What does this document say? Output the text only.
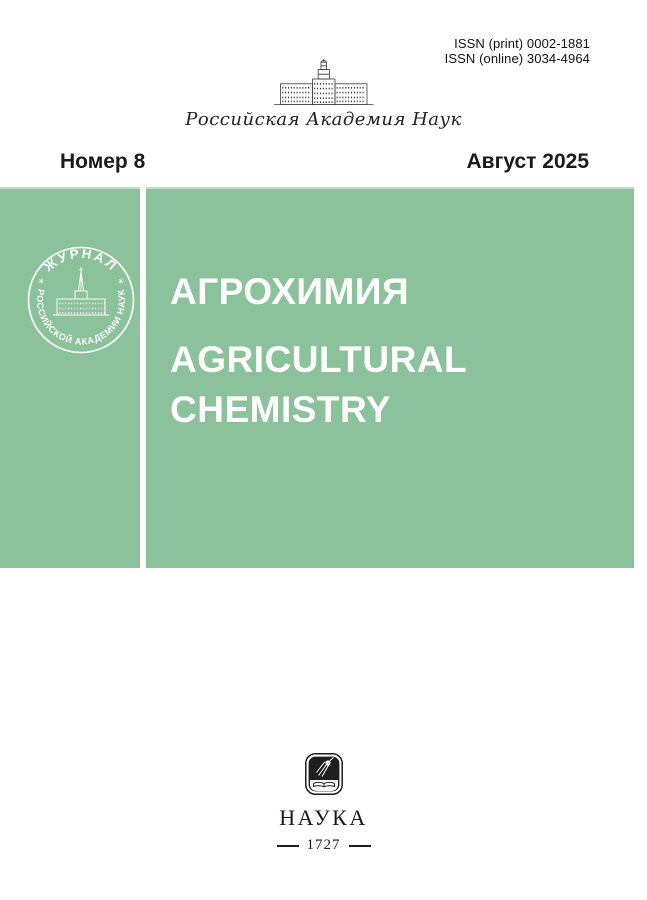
ISSN (print) 0002-1881
ISSN (online) 3034-4964
Российская Академия Наук
Номер 8	Август 2025
ЖУРНАЛ
РОССИЙСКОЙ АКАДЕМИИ НАУК
✳	✳ АГРОХИМИЯ
AGRICULTURAL
CHEMISTRY
НАУКА
1727
